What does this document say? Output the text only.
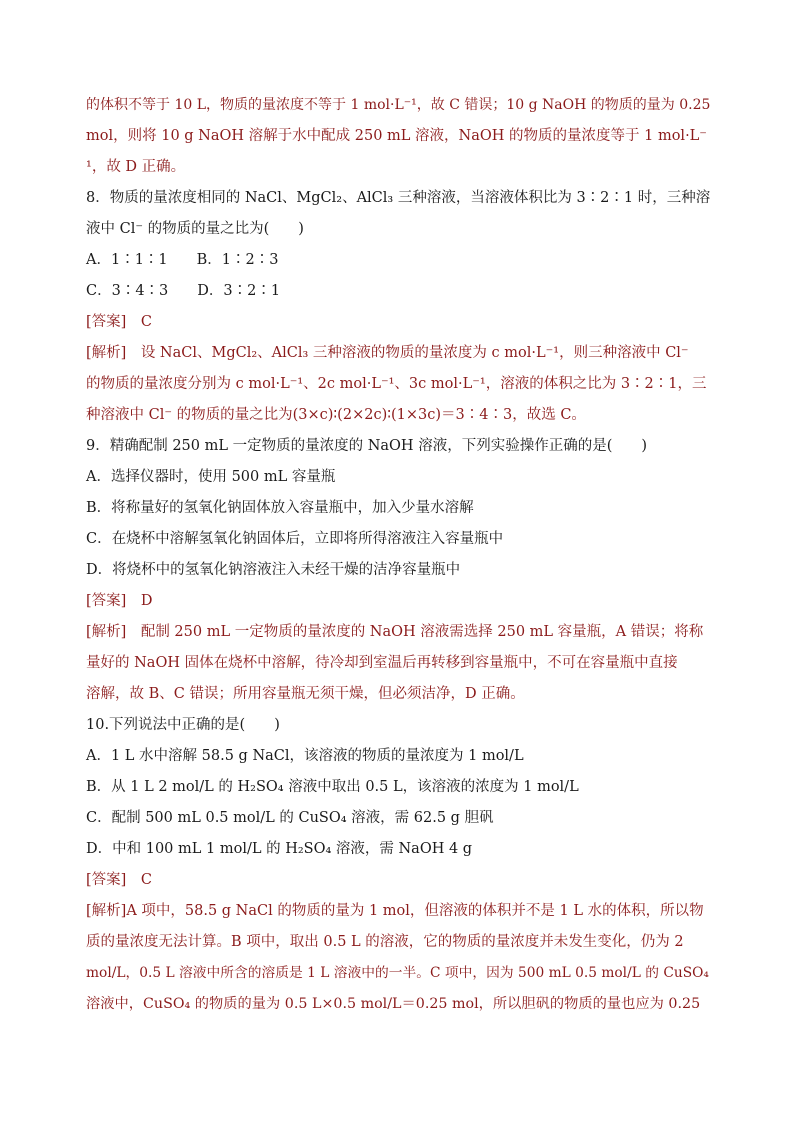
的体积不等于 10 L，物质的量浓度不等于 1 mol·L⁻¹，故 C 错误；10 g NaOH 的物质的量为 0.25
mol，则将 10 g NaOH 溶解于水中配成 250 mL 溶液，NaOH 的物质的量浓度等于 1 mol·L⁻
¹，故 D 正确。
8．物质的量浓度相同的 NaCl、MgCl₂、AlCl₃ 三种溶液，当溶液体积比为 3∶2∶1 时，三种溶
液中 Cl⁻ 的物质的量之比为(　　)
A．1∶1∶1　　B．1∶2∶3
C．3∶4∶3　　D．3∶2∶1
[答案]　C
[解析]　设 NaCl、MgCl₂、AlCl₃ 三种溶液的物质的量浓度为 c mol·L⁻¹，则三种溶液中 Cl⁻
的物质的量浓度分别为 c mol·L⁻¹、2c mol·L⁻¹、3c mol·L⁻¹，溶液的体积之比为 3∶2∶1，三
种溶液中 Cl⁻ 的物质的量之比为(3×c)∶(2×2c)∶(1×3c)＝3∶4∶3，故选 C。
9．精确配制 250 mL 一定物质的量浓度的 NaOH 溶液，下列实验操作正确的是(　　)
A．选择仪器时，使用 500 mL 容量瓶
B．将称量好的氢氧化钠固体放入容量瓶中，加入少量水溶解
C．在烧杯中溶解氢氧化钠固体后，立即将所得溶液注入容量瓶中
D．将烧杯中的氢氧化钠溶液注入未经干燥的洁净容量瓶中
[答案]　D
[解析]　配制 250 mL 一定物质的量浓度的 NaOH 溶液需选择 250 mL 容量瓶，A 错误；将称
量好的 NaOH 固体在烧杯中溶解，待冷却到室温后再转移到容量瓶中，不可在容量瓶中直接
溶解，故 B、C 错误；所用容量瓶无须干燥，但必须洁净，D 正确。
10.下列说法中正确的是(　　)
A．1 L 水中溶解 58.5 g NaCl，该溶液的物质的量浓度为 1 mol/L
B．从 1 L 2 mol/L 的 H₂SO₄ 溶液中取出 0.5 L，该溶液的浓度为 1 mol/L
C．配制 500 mL 0.5 mol/L 的 CuSO₄ 溶液，需 62.5 g 胆矾
D．中和 100 mL 1 mol/L 的 H₂SO₄ 溶液，需 NaOH 4 g
[答案]　C
[解析]A 项中，58.5 g NaCl 的物质的量为 1 mol，但溶液的体积并不是 1 L 水的体积，所以物
质的量浓度无法计算。B 项中，取出 0.5 L 的溶液，它的物质的量浓度并未发生变化，仍为 2
mol/L，0.5 L 溶液中所含的溶质是 1 L 溶液中的一半。C 项中，因为 500 mL 0.5 mol/L 的 CuSO₄
溶液中，CuSO₄ 的物质的量为 0.5 L×0.5 mol/L＝0.25 mol，所以胆矾的物质的量也应为 0.25
